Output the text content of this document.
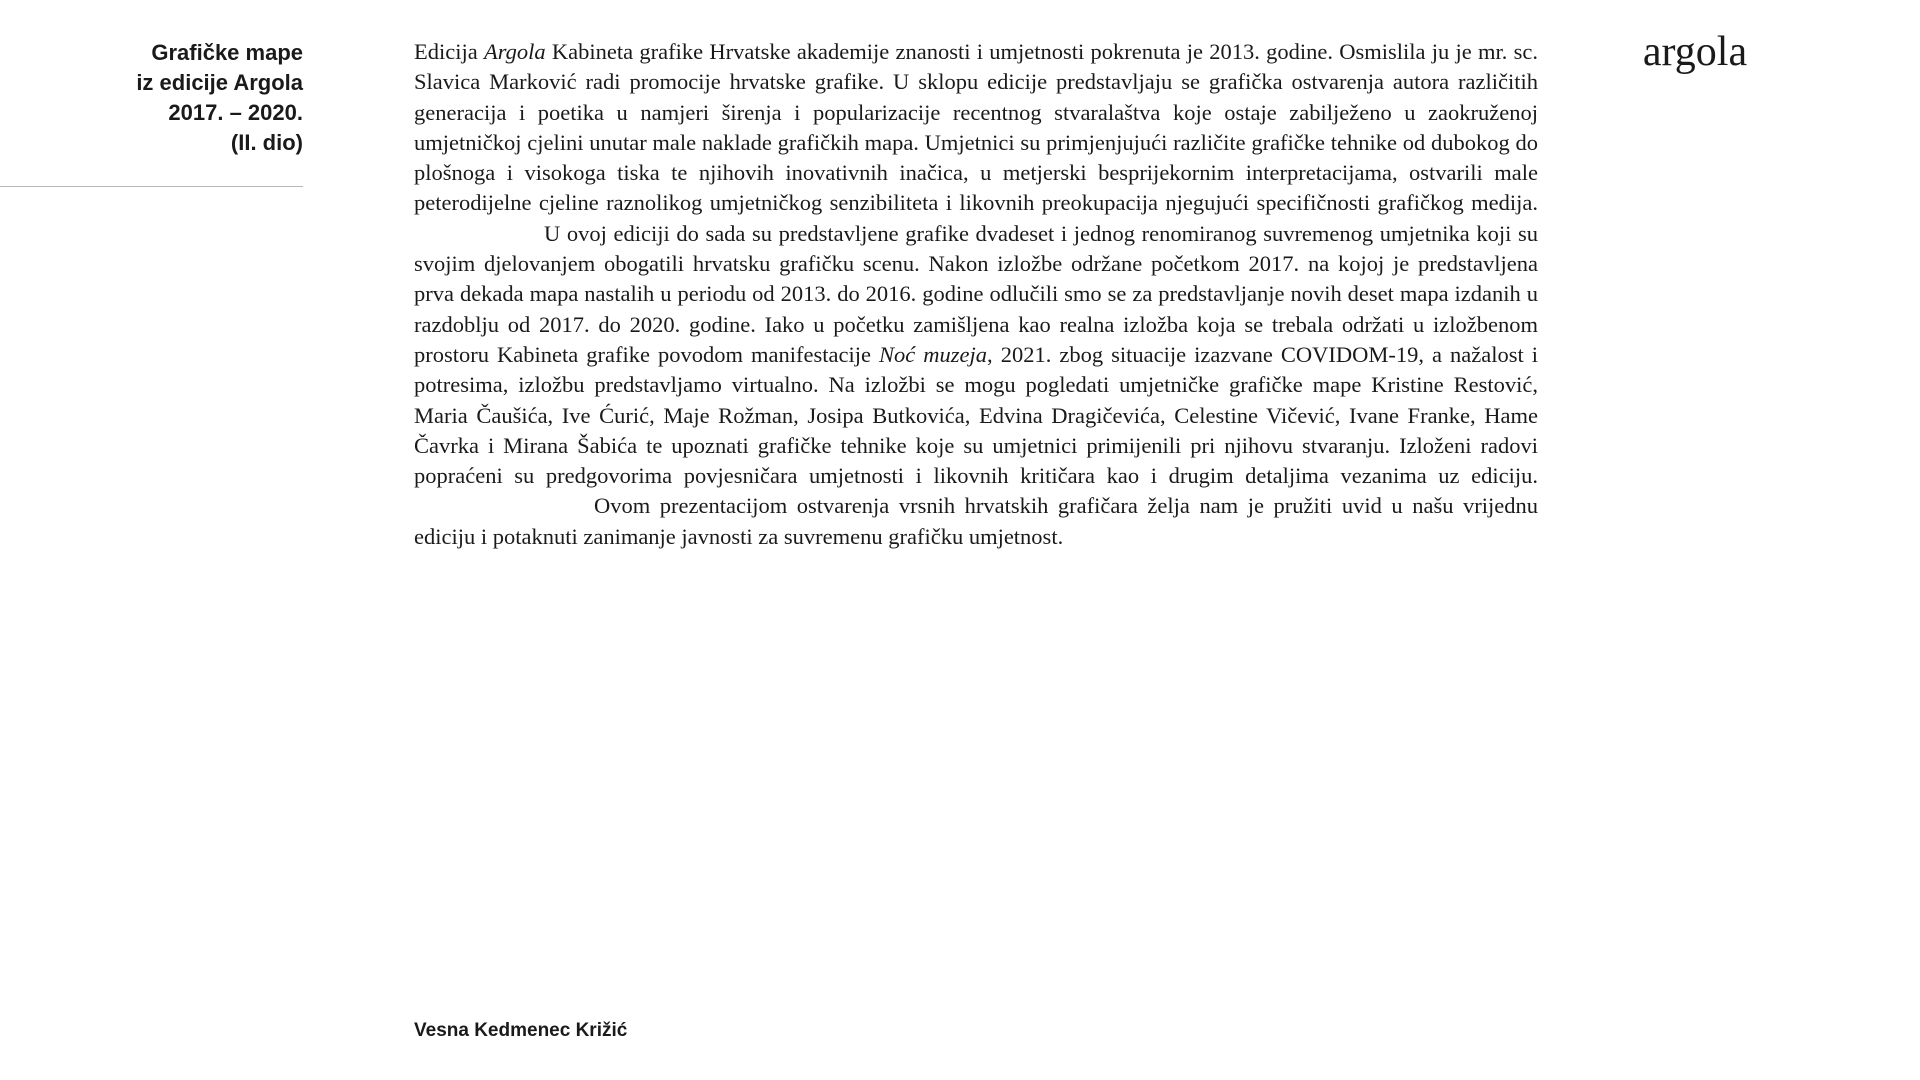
Grafičke mape
iz edicije Argola
2017. – 2020.
(II. dio)

Edicija Argola Kabineta grafike Hrvatske akademije znanosti i umjetnosti pokrenuta je 2013. godine. Osmislila ju je mr. sc. Slavica Marković radi promocije hrvatske grafike. U sklopu edicije predstavljaju se grafička ostvarenja autora različitih generacija i poetika u namjeri širenja i popularizacije recentnog stvaralaštva koje ostaje zabilježeno u zaokruženoj umjetničkoj cjelini unutar male naklade grafičkih mapa. Umjetnici su primjenjujući različite grafičke tehnike od dubokog do plošnoga i visokoga tiska te njihovih inovativnih inačica, u metjerski besprijekornim interpretacijama, ostvarili male peterodijelne cjeline raznolikog umjetničkog senzibiliteta i likovnih preokupacija njegujući specifičnosti grafičkog medija.U ovoj ediciji do sada su predstavljene grafike dvadeset i jednog renomiranog suvremenog umjetnika koji su svojim djelovanjem obogatili hrvatsku grafičku scenu. Nakon izložbe održane početkom 2017. na kojoj je predstavljena prva dekada mapa nastalih u periodu od 2013. do 2016. godine odlučili smo se za predstavljanje novih deset mapa izdanih u razdoblju od 2017. do 2020. godine. Iako u početku zamišljena kao realna izložba koja se trebala održati u izložbenom prostoru Kabineta grafike povodom manifestacije Noć muzeja, 2021. zbog situacije izazvane COVIDOM-19, a nažalost i potresima, izložbu predstavljamo virtualno. Na izložbi se mogu pogledati umjetničke grafičke mape Kristine Restović, Maria Čaušića, Ive Ćurić, Maje Rožman, Josipa Butkovića, Edvina Dragičevića, Celestine Vičević, Ivane Franke, Hame Čavrka i Mirana Šabića te upoznati grafičke tehnike koje su umjetnici primijenili pri njihovu stvaranju. Izloženi radovi popraćeni su predgovorima povjesničara umjetnosti i likovnih kritičara kao i drugim detaljima vezanima uz ediciju.Ovom prezentacijom ostvarenja vrsnih hrvatskih grafičara želja nam je pružiti uvid u našu vrijednu ediciju i potaknuti zanimanje javnosti za suvremenu grafičku umjetnost.

argola
Vesna Kedmenec Križić
